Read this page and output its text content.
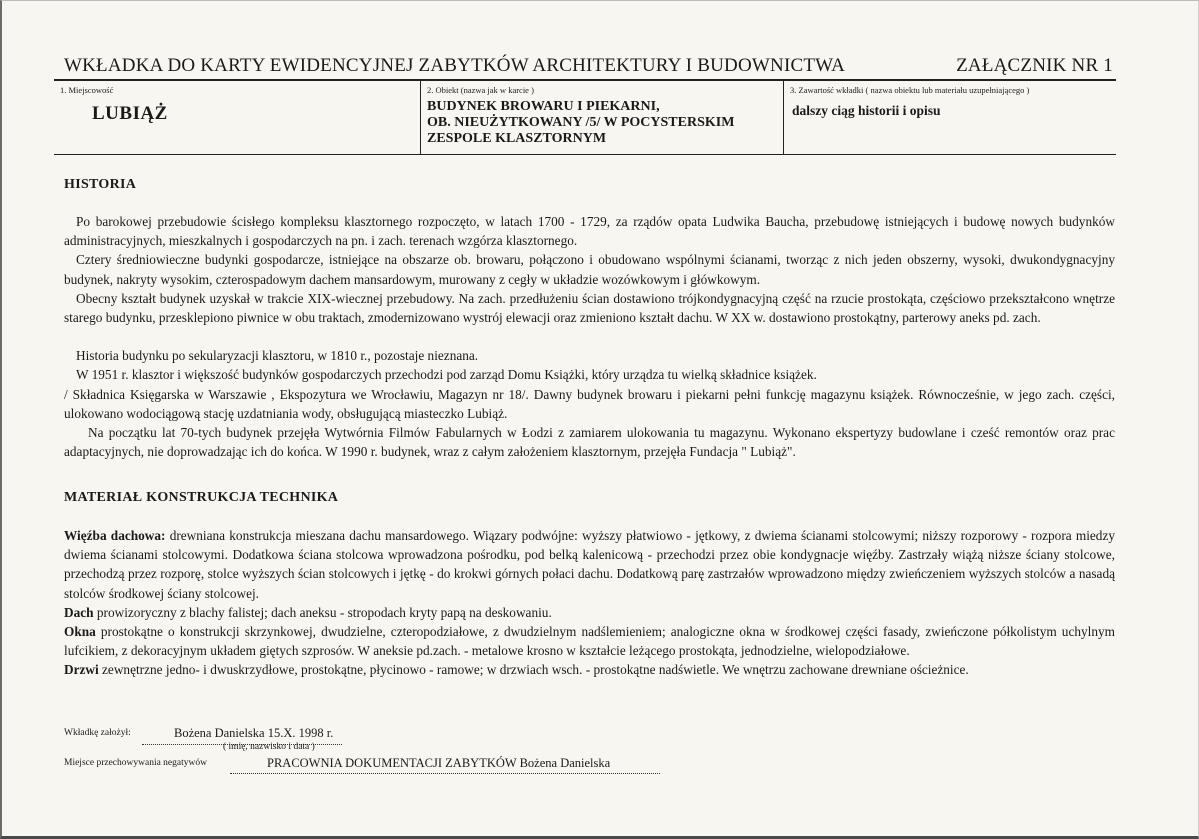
WKŁADKA DO KARTY EWIDENCYJNEJ ZABYTKÓW ARCHITEKTURY I BUDOWNICTWA	ZAŁĄCZNIK NR 1
1. Miejscowość
LUBIĄŻ
2. Obiekt (nazwa jak w karcie )
BUDYNEK BROWARU I PIEKARNI,
OB. NIEUŻYTKOWANY /5/ W POCYSTERSKIM
ZESPOLE KLASZTORNYM
3. Zawartość wkładki ( nazwa obiektu lub materiału uzupełniającego )
dalszy ciąg historii i opisu
HISTORIA

Po barokowej przebudowie ścisłego kompleksu klasztornego rozpoczęto, w latach 1700 - 1729, za rządów opata Ludwika Baucha, przebudowę istniejących i budowę nowych budynków administracyjnych, mieszkalnych i gospodarczych na pn. i zach. terenach wzgórza klasztornego.

Cztery średniowieczne budynki gospodarcze, istniejące na obszarze ob. browaru, połączono i obudowano wspólnymi ścianami, tworząc z nich jeden obszerny, wysoki, dwukondygnacyjny budynek, nakryty wysokim, czterospadowym dachem mansardowym, murowany z cegły w układzie wozówkowym i główkowym.

Obecny kształt budynek uzyskał w trakcie XIX-wiecznej przebudowy. Na zach. przedłużeniu ścian dostawiono trójkondygnacyjną część na rzucie prostokąta, częściowo przekształcono wnętrze starego budynku, przesklepiono piwnice w obu traktach, zmodernizowano wystrój elewacji oraz zmieniono kształt dachu. W XX w. dostawiono prostokątny, parterowy aneks pd. zach.

Historia budynku po sekularyzacji klasztoru, w 1810 r., pozostaje nieznana.

W 1951 r. klasztor i większość budynków gospodarczych przechodzi pod zarząd Domu Książki, który urządza tu wielką składnice książek.

/ Składnica Księgarska w Warszawie , Ekspozytura we Wrocławiu, Magazyn nr 18/. Dawny budynek browaru i piekarni pełni funkcję magazynu książek. Równocześnie, w jego zach. części, ulokowano wodociągową stację uzdatniania wody, obsługującą miasteczko Lubiąż.

Na początku lat 70-tych budynek przejęła Wytwórnia Filmów Fabularnych w Łodzi z zamiarem ulokowania tu magazynu. Wykonano ekspertyzy budowlane i cześć remontów oraz prac adaptacyjnych, nie doprowadzając ich do końca. W 1990 r. budynek, wraz z całym założeniem klasztornym, przejęła Fundacja " Lubiąż".

MATERIAŁ KONSTRUKCJA TECHNIKA

Więźba dachowa: drewniana konstrukcja mieszana dachu mansardowego. Wiązary podwójne: wyższy płatwiowo - jętkowy, z dwiema ścianami stolcowymi; niższy rozporowy - rozpora miedzy dwiema ścianami stolcowymi. Dodatkowa ściana stolcowa wprowadzona pośrodku, pod belką kalenicową - przechodzi przez obie kondygnacje więźby. Zastrzały wiążą niższe ściany stolcowe, przechodzą przez rozporę, stolce wyższych ścian stolcowych i jętkę - do krokwi górnych połaci dachu. Dodatkową parę zastrzałów wprowadzono między zwieńczeniem wyższych stolców a nasadą stolców środkowej ściany stolcowej.

Dach prowizoryczny z blachy falistej; dach aneksu - stropodach kryty papą na deskowaniu.

Okna prostokątne o konstrukcji skrzynkowej, dwudzielne, czteropodziałowe, z dwudzielnym nadślemieniem; analogiczne okna w środkowej części fasady, zwieńczone półkolistym uchylnym lufcikiem, z dekoracyjnym układem giętych szprosów. W aneksie pd.zach. - metalowe krosno w kształcie leżącego prostokąta, jednodzielne, wielopodziałowe.

Drzwi zewnętrzne jedno- i dwuskrzydłowe, prostokątne, płycinowo - ramowe; w drzwiach wsch. - prostokątne nadświetle. We wnętrzu zachowane drewniane ościeżnice.

Wkładkę założył:	Bożena Danielska 15.X. 1998 r.
( imię, nazwisko i data )
Miejsce przechowywania negatywów	PRACOWNIA DOKUMENTACJI ZABYTKÓW Bożena Danielska
